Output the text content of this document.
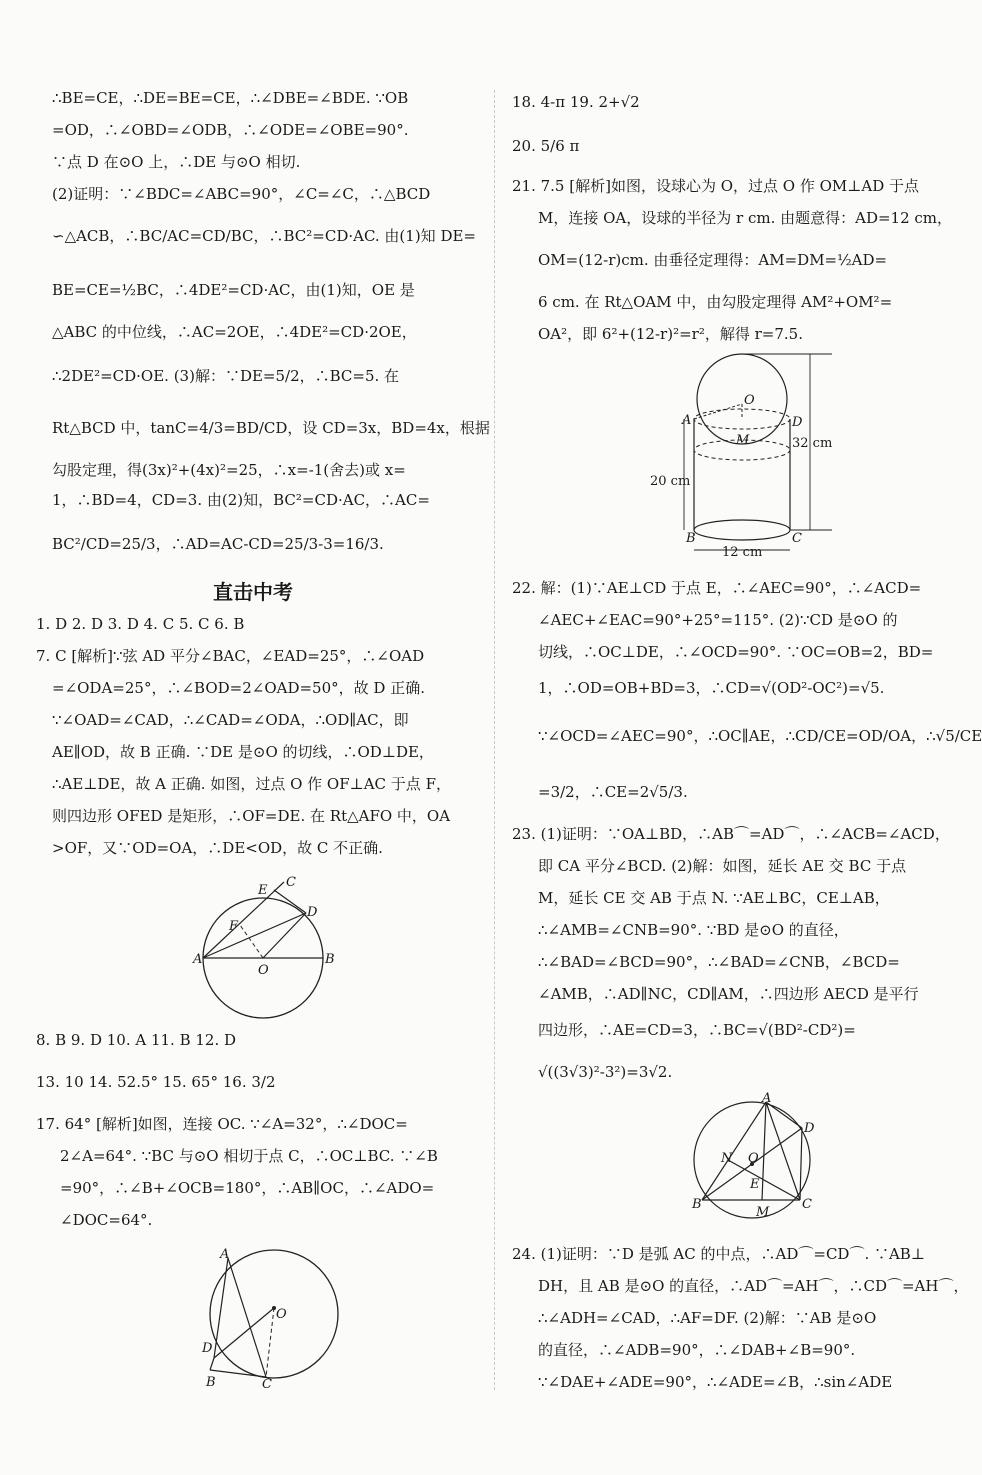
∴BE=CE，∴DE=BE=CE，∴∠DBE=∠BDE. ∵OB
=OD，∴∠OBD=∠ODB，∴∠ODE=∠OBE=90°.
∵点 D 在⊙O 上，∴DE 与⊙O 相切.
(2)证明：∵∠BDC=∠ABC=90°，∠C=∠C，∴△BCD
∽△ACB，∴BC/AC=CD/BC，∴BC²=CD·AC. 由(1)知 DE=
BE=CE=½BC，∴4DE²=CD·AC，由(1)知，OE 是
△ABC 的中位线，∴AC=2OE，∴4DE²=CD·2OE，
∴2DE²=CD·OE. (3)解：∵DE=5/2，∴BC=5. 在
Rt△BCD 中，tanC=4/3=BD/CD，设 CD=3x，BD=4x，根据
勾股定理，得(3x)²+(4x)²=25，∴x=-1(舍去)或 x=
1，∴BD=4，CD=3. 由(2)知，BC²=CD·AC，∴AC=
BC²/CD=25/3，∴AD=AC-CD=25/3-3=16/3.
直击中考
1. D 2. D 3. D 4. C 5. C 6. B
7. C [解析]∵弦 AD 平分∠BAC，∠EAD=25°，∴∠OAD
=∠ODA=25°，∴∠BOD=2∠OAD=50°，故 D 正确.
∵∠OAD=∠CAD，∴∠CAD=∠ODA，∴OD∥AC，即
AE∥OD，故 B 正确. ∵DE 是⊙O 的切线，∴OD⊥DE，
∴AE⊥DE，故 A 正确. 如图，过点 O 作 OF⊥AC 于点 F，
则四边形 OFED 是矩形，∴OF=DE. 在 Rt△AFO 中，OA
>OF，又∵OD=OA，∴DE<OD，故 C 不正确.
E
C
D
F
A
O
B
8. B 9. D 10. A 11. B 12. D
13. 10 14. 52.5° 15. 65° 16. 3/2
17. 64° [解析]如图，连接 OC. ∵∠A=32°，∴∠DOC=
2∠A=64°. ∵BC 与⊙O 相切于点 C，∴OC⊥BC. ∵∠B
=90°，∴∠B+∠OCB=180°，∴AB∥OC，∴∠ADO=
∠DOC=64°.
A
O
D
B	C
18. 4-π 19. 2+√2
20. 5/6 π
21. 7.5 [解析]如图，设球心为 O，过点 O 作 OM⊥AD 于点
M，连接 OA，设球的半径为 r cm. 由题意得：AD=12 cm，
OM=(12-r)cm. 由垂径定理得：AM=DM=½AD=
6 cm. 在 Rt△OAM 中，由勾股定理得 AM²+OM²=
OA²，即 6²+(12-r)²=r²，解得 r=7.5.
O
A	D
M	32 cm
20 cm
B	C
12 cm
22. 解：(1)∵AE⊥CD 于点 E，∴∠AEC=90°，∴∠ACD=
∠AEC+∠EAC=90°+25°=115°. (2)∵CD 是⊙O 的
切线，∴OC⊥DE，∴∠OCD=90°. ∵OC=OB=2，BD=
1，∴OD=OB+BD=3，∴CD=√(OD²-OC²)=√5.
∵∠OCD=∠AEC=90°，∴OC∥AE，∴CD/CE=OD/OA，∴√5/CE
=3/2，∴CE=2√5/3.
23. (1)证明：∵OA⊥BD，∴AB⌒=AD⌒，∴∠ACB=∠ACD，
即 CA 平分∠BCD. (2)解：如图，延长 AE 交 BC 于点
M，延长 CE 交 AB 于点 N. ∵AE⊥BC，CE⊥AB，
∴∠AMB=∠CNB=90°. ∵BD 是⊙O 的直径，
∴∠BAD=∠BCD=90°，∴∠BAD=∠CNB，∠BCD=
∠AMB，∴AD∥NC，CD∥AM，∴四边形 AECD 是平行
四边形，∴AE=CD=3，∴BC=√(BD²-CD²)=
√((3√3)²-3²)=3√2.
A
D
N O
E
B	C
M
24. (1)证明：∵D 是弧 AC 的中点，∴AD⌒=CD⌒. ∵AB⊥
DH，且 AB 是⊙O 的直径，∴AD⌒=AH⌒，∴CD⌒=AH⌒，
∴∠ADH=∠CAD，∴AF=DF. (2)解：∵AB 是⊙O
的直径，∴∠ADB=90°，∴∠DAB+∠B=90°.
∵∠DAE+∠ADE=90°，∴∠ADE=∠B，∴sin∠ADE
